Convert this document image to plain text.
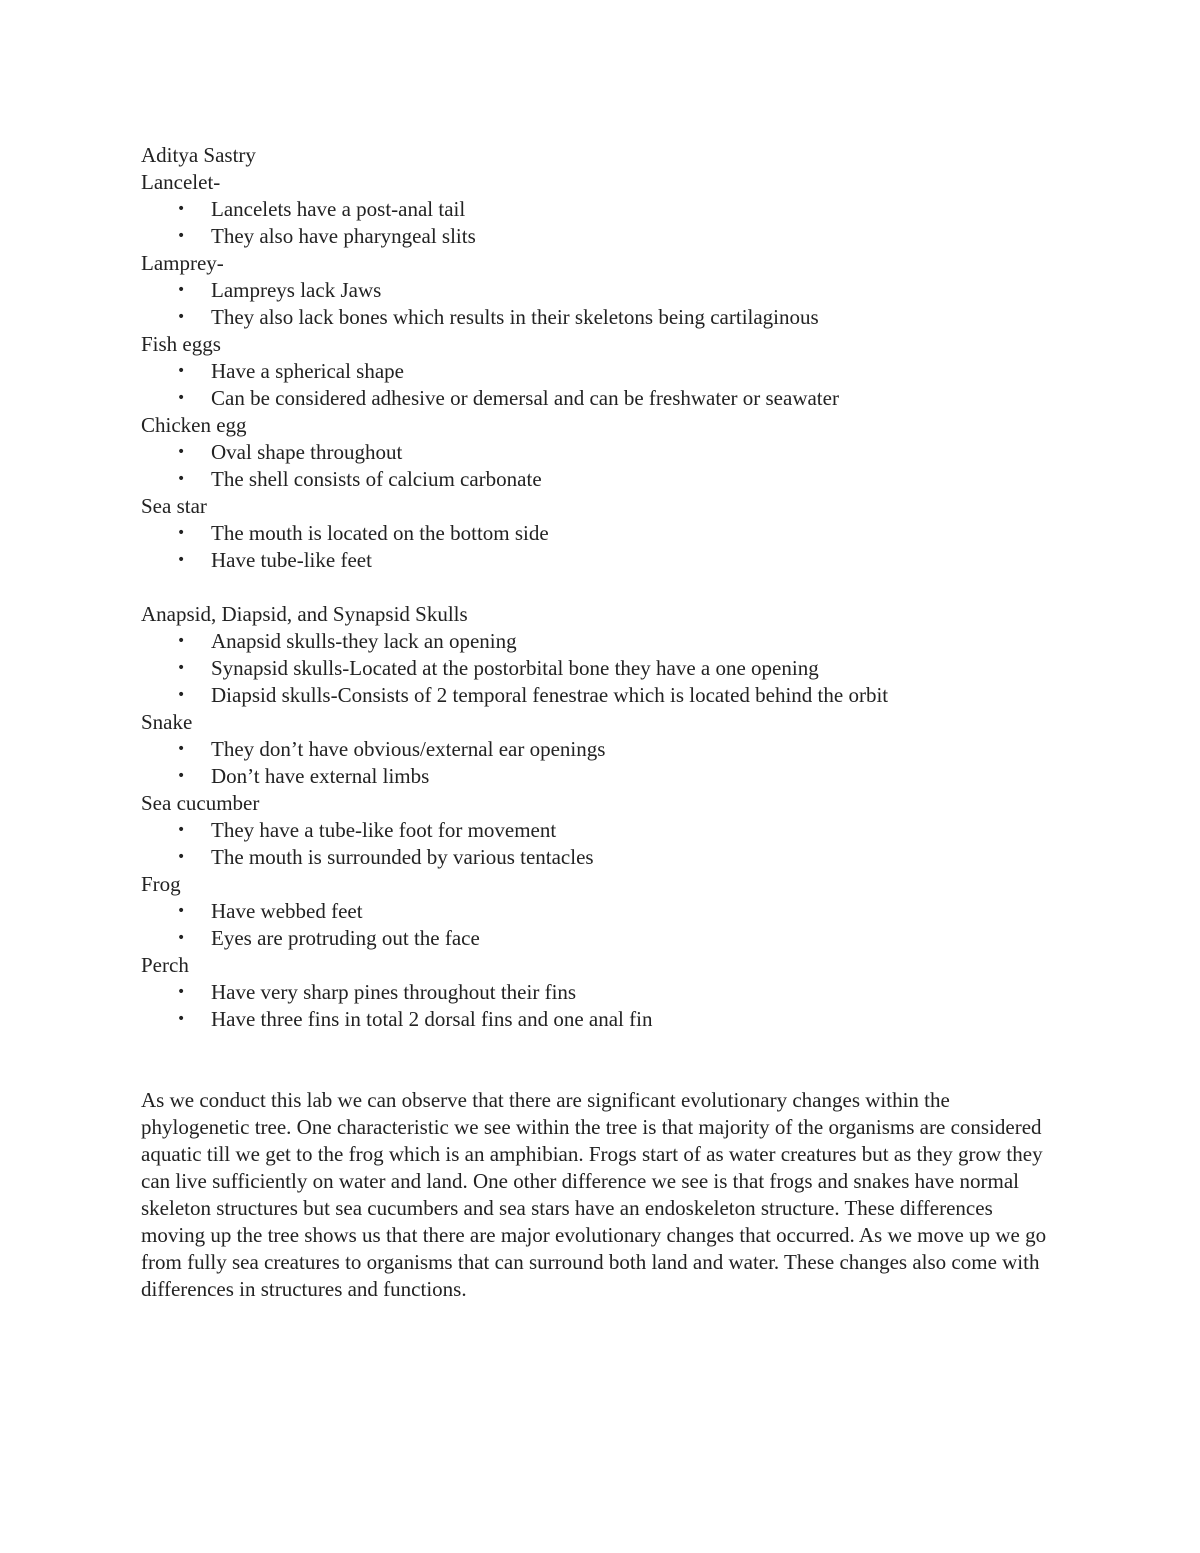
Aditya Sastry
Lancelet-
• Lancelets have a post-anal tail
• They also have pharyngeal slits
Lamprey-
• Lampreys lack Jaws
• They also lack bones which results in their skeletons being cartilaginous
Fish eggs
• Have a spherical shape
• Can be considered adhesive or demersal and can be freshwater or seawater
Chicken egg
• Oval shape throughout
• The shell consists of calcium carbonate
Sea star
• The mouth is located on the bottom side
• Have tube-like feet
Anapsid, Diapsid, and Synapsid Skulls
• Anapsid skulls-they lack an opening
• Synapsid skulls-Located at the postorbital bone they have a one opening
• Diapsid skulls-Consists of 2 temporal fenestrae which is located behind the orbit
Snake
• They don’t have obvious/external ear openings
• Don’t have external limbs
Sea cucumber
• They have a tube-like foot for movement
• The mouth is surrounded by various tentacles
Frog
• Have webbed feet
• Eyes are protruding out the face
Perch
• Have very sharp pines throughout their fins
• Have three fins in total 2 dorsal fins and one anal fin

As we conduct this lab we can observe that there are significant evolutionary changes within the phylogenetic tree. One characteristic we see within the tree is that majority of the organisms are considered aquatic till we get to the frog which is an amphibian. Frogs start of as water creatures but as they grow they can live sufficiently on water and land. One other difference we see is that frogs and snakes have normal skeleton structures but sea cucumbers and sea stars have an endoskeleton structure. These differences moving up the tree shows us that there are major evolutionary changes that occurred. As we move up we go from fully sea creatures to organisms that can surround both land and water. These changes also come with differences in structures and functions.
